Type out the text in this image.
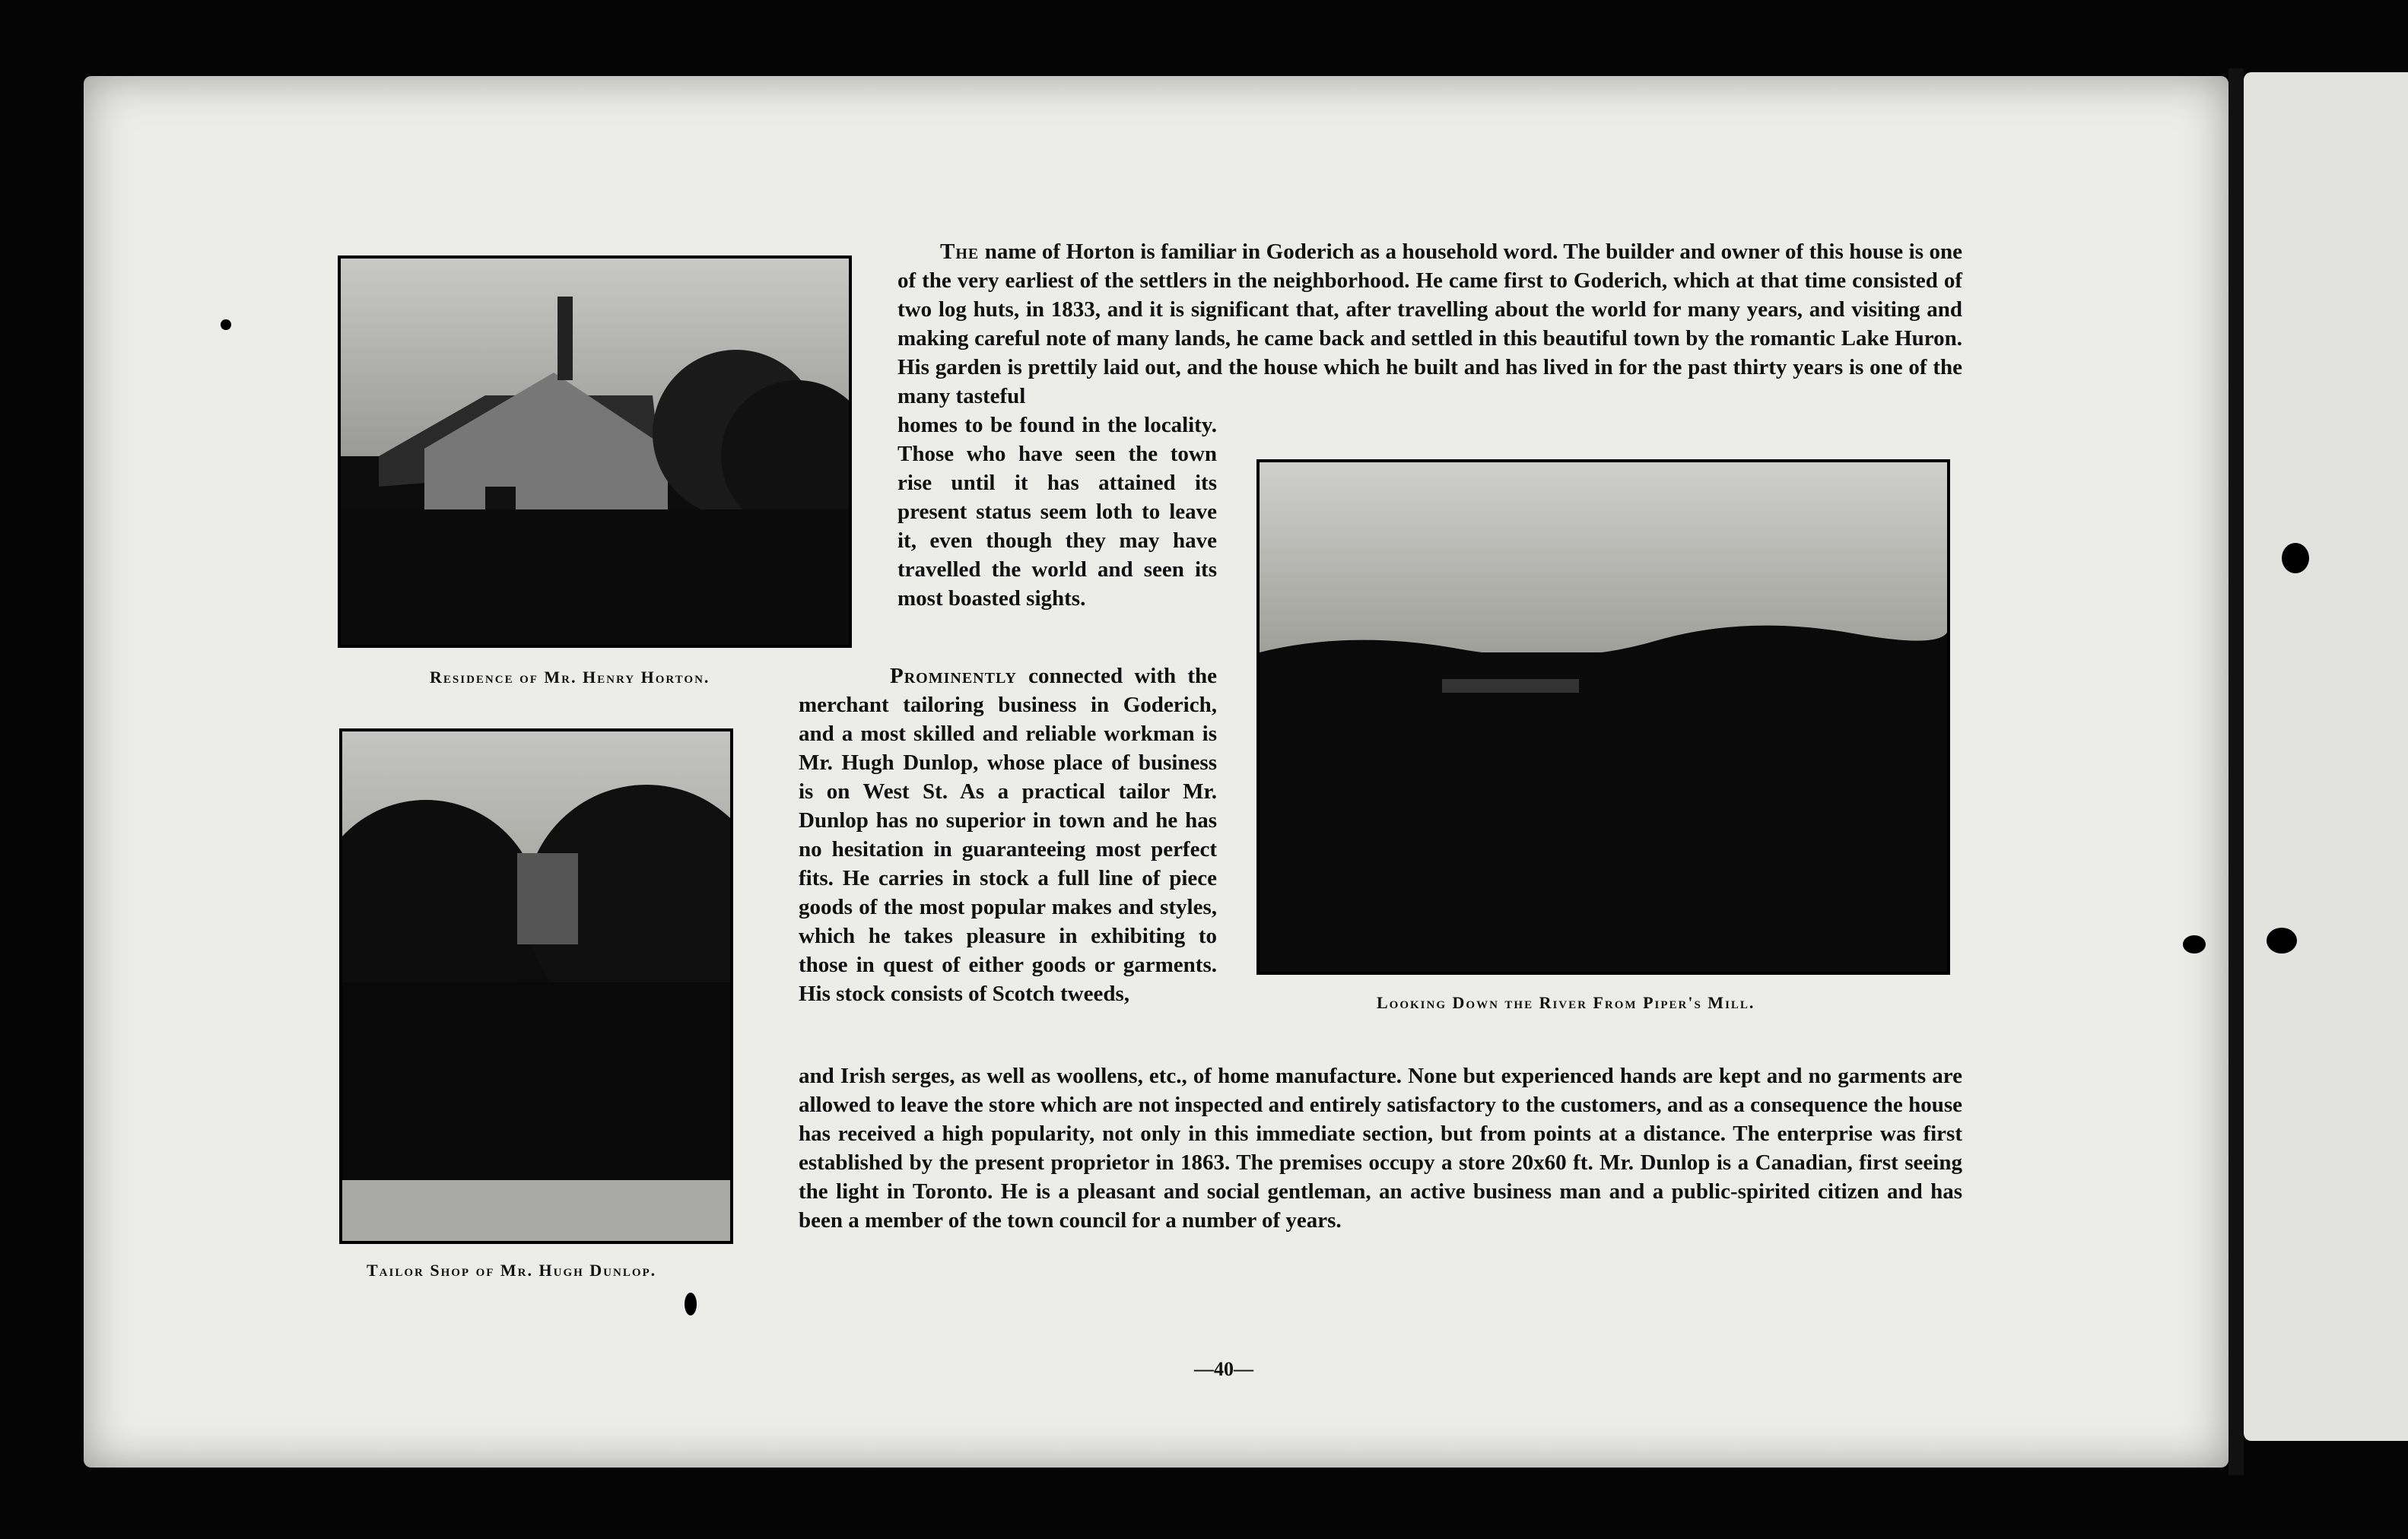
Residence of Mr. Henry Horton.
Tailor Shop of Mr. Hugh Dunlop.
Looking Down the River From Piper's Mill.

The name of Horton is familiar in Goderich as a household word. The builder and owner of this house is one of the very earliest of the settlers in the neighborhood. He came first to Goderich, which at that time consisted of two log huts, in 1833, and it is significant that, after travelling about the world for many years, and visiting and making careful note of many lands, he came back and settled in this beautiful town by the romantic Lake Huron. His garden is prettily laid out, and the house which he built and has lived in for the past thirty years is one of the many tasteful

homes to be found in the locality. Those who have seen the town rise until it has attained its present status seem loth to leave it, even though they may have travelled the world and seen its most boasted sights.

Prominently connected with the merchant tailoring business in Goderich, and a most skilled and reliable workman is Mr. Hugh Dunlop, whose place of business is on West St. As a practical tailor Mr. Dunlop has no superior in town and he has no hesitation in guaranteeing most perfect fits. He carries in stock a full line of piece goods of the most popular makes and styles, which he takes pleasure in exhibiting to those in quest of either goods or garments. His stock consists of Scotch tweeds,

and Irish serges, as well as woollens, etc., of home manufacture. None but experienced hands are kept and no garments are allowed to leave the store which are not inspected and entirely satisfactory to the customers, and as a consequence the house has received a high popularity, not only in this immediate section, but from points at a distance. The enterprise was first established by the present proprietor in 1863. The premises occupy a store 20x60 ft. Mr. Dunlop is a Canadian, first seeing the light in Toronto. He is a pleasant and social gentleman, an active business man and a public-spirited citizen and has been a member of the town council for a number of years.

—40—
